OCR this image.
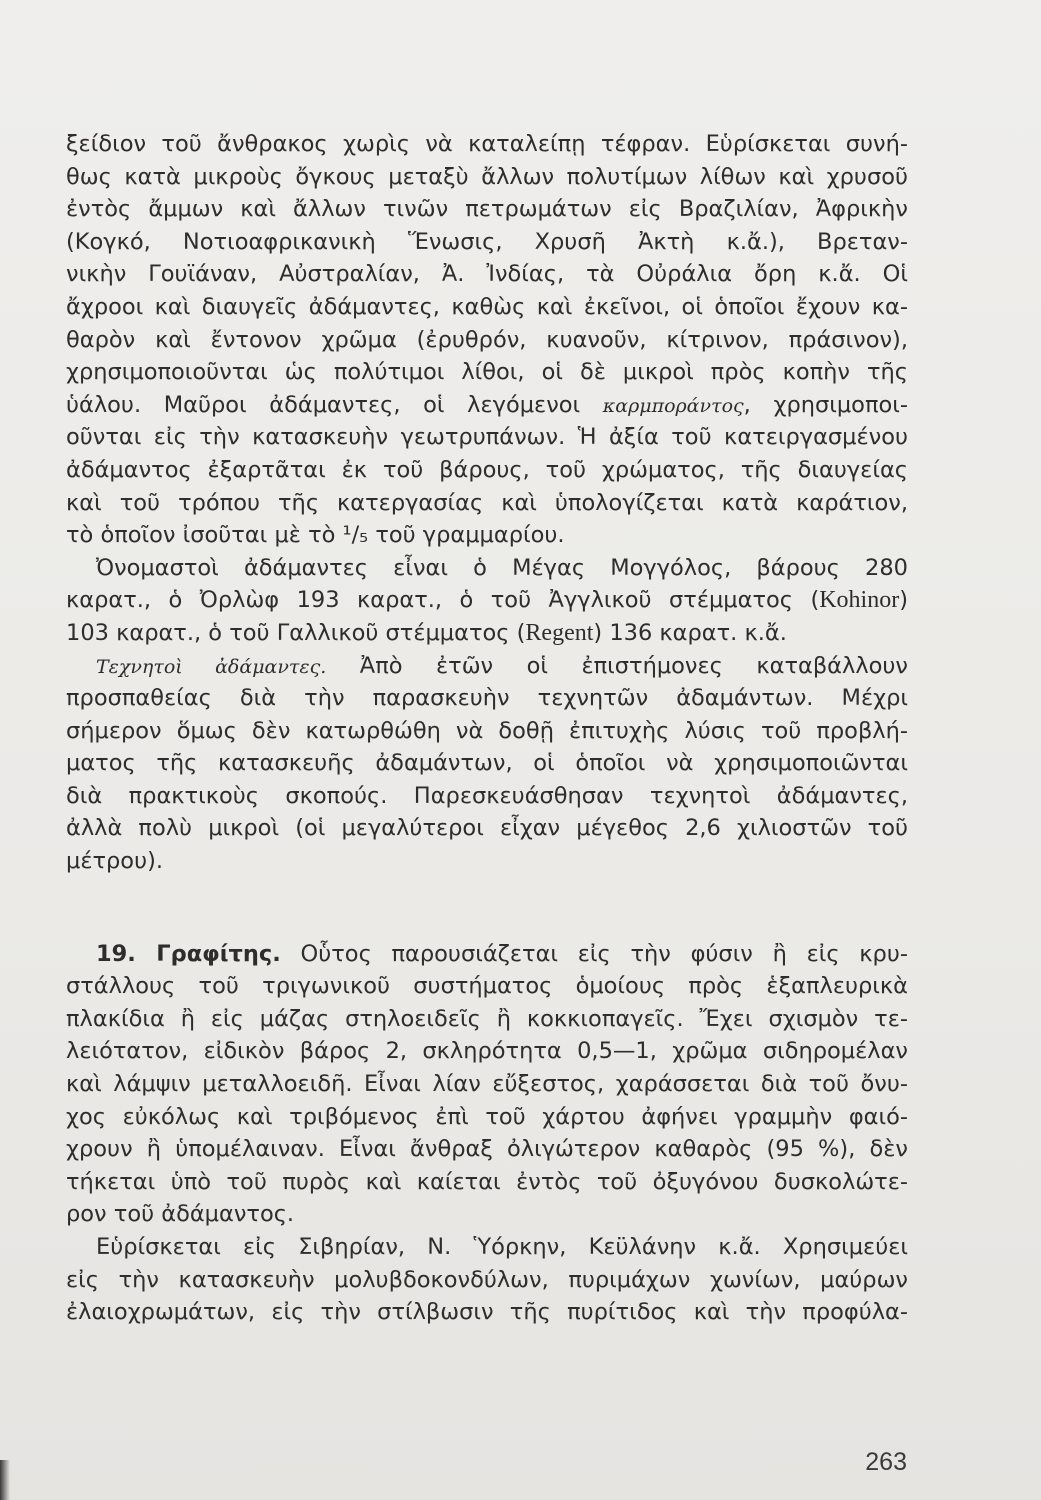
ξείδιον τοῦ ἄνθρακος χωρὶς νὰ καταλείπῃ τέφραν. Εὑρίσκεται συνή-
θως κατὰ μικροὺς ὄγκους μεταξὺ ἄλλων πολυτίμων λίθων καὶ χρυσοῦ
ἐντὸς ἄμμων καὶ ἄλλων τινῶν πετρωμάτων εἰς Βραζιλίαν, Ἀφρικὴν
(Κογκό, Νοτιοαφρικανικὴ Ἕνωσις, Χρυσῆ Ἀκτὴ κ.ἄ.), Βρεταν-
νικὴν Γουϊάναν, Αὐστραλίαν, Ἀ. Ἰνδίας, τὰ Οὐράλια ὄρη κ.ἄ. Οἱ
ἄχροοι καὶ διαυγεῖς ἀδάμαντες, καθὼς καὶ ἐκεῖνοι, οἱ ὁποῖοι ἔχουν κα-
θαρὸν καὶ ἔντονον χρῶμα (ἐρυθρόν, κυανοῦν, κίτρινον, πράσινον),
χρησιμοποιοῦνται ὡς πολύτιμοι λίθοι, οἱ δὲ μικροὶ πρὸς κοπὴν τῆς
ὑάλου. Μαῦροι ἀδάμαντες, οἱ λεγόμενοι καρμποράντος, χρησιμοποι-
οῦνται εἰς τὴν κατασκευὴν γεωτρυπάνων. Ἡ ἀξία τοῦ κατειργασμένου
ἀδάμαντος ἐξαρτᾶται ἐκ τοῦ βάρους, τοῦ χρώματος, τῆς διαυγείας
καὶ τοῦ τρόπου τῆς κατεργασίας καὶ ὑπολογίζεται κατὰ καράτιον,
τὸ ὁποῖον ἰσοῦται μὲ τὸ ¹/₅ τοῦ γραμμαρίου.
Ὀνομαστοὶ ἀδάμαντες εἶναι ὁ Μέγας Μογγόλος, βάρους 280
καρατ., ὁ Ὀρλὼφ 193 καρατ., ὁ τοῦ Ἀγγλικοῦ στέμματος (Kohinor)
103 καρατ., ὁ τοῦ Γαλλικοῦ στέμματος (Regent) 136 καρατ. κ.ἄ.
Τεχνητοὶ ἀδάμαντες. Ἀπὸ ἐτῶν οἱ ἐπιστήμονες καταβάλλουν
προσπαθείας διὰ τὴν παρασκευὴν τεχνητῶν ἀδαμάντων. Μέχρι
σήμερον ὅμως δὲν κατωρθώθη νὰ δοθῇ ἐπιτυχὴς λύσις τοῦ προβλή-
ματος τῆς κατασκευῆς ἀδαμάντων, οἱ ὁποῖοι νὰ χρησιμοποιῶνται
διὰ πρακτικοὺς σκοπούς. Παρεσκευάσθησαν τεχνητοὶ ἀδάμαντες,
ἀλλὰ πολὺ μικροὶ (οἱ μεγαλύτεροι εἶχαν μέγεθος 2,6 χιλιοστῶν τοῦ
μέτρου).
19. Γραφίτης. Οὗτος παρουσιάζεται εἰς τὴν φύσιν ἢ εἰς κρυ-
στάλλους τοῦ τριγωνικοῦ συστήματος ὁμοίους πρὸς ἑξαπλευρικὰ
πλακίδια ἢ εἰς μάζας στηλοειδεῖς ἢ κοκκιοπαγεῖς. Ἔχει σχισμὸν τε-
λειότατον, εἰδικὸν βάρος 2, σκληρότητα 0,5—1, χρῶμα σιδηρομέλαν
καὶ λάμψιν μεταλλοειδῆ. Εἶναι λίαν εὔξεστος, χαράσσεται διὰ τοῦ ὄνυ-
χος εὐκόλως καὶ τριβόμενος ἐπὶ τοῦ χάρτου ἀφήνει γραμμὴν φαιό-
χρουν ἢ ὑπομέλαιναν. Εἶναι ἄνθραξ ὀλιγώτερον καθαρὸς (95 %), δὲν
τήκεται ὑπὸ τοῦ πυρὸς καὶ καίεται ἐντὸς τοῦ ὀξυγόνου δυσκολώτε-
ρον τοῦ ἀδάμαντος.
Εὑρίσκεται εἰς Σιβηρίαν, Ν. Ὑόρκην, Κεϋλάνην κ.ἄ. Χρησιμεύει
εἰς τὴν κατασκευὴν μολυβδοκονδύλων, πυριμάχων χωνίων, μαύρων
ἐλαιοχρωμάτων, εἰς τὴν στίλβωσιν τῆς πυρίτιδος καὶ τὴν προφύλα-
263
